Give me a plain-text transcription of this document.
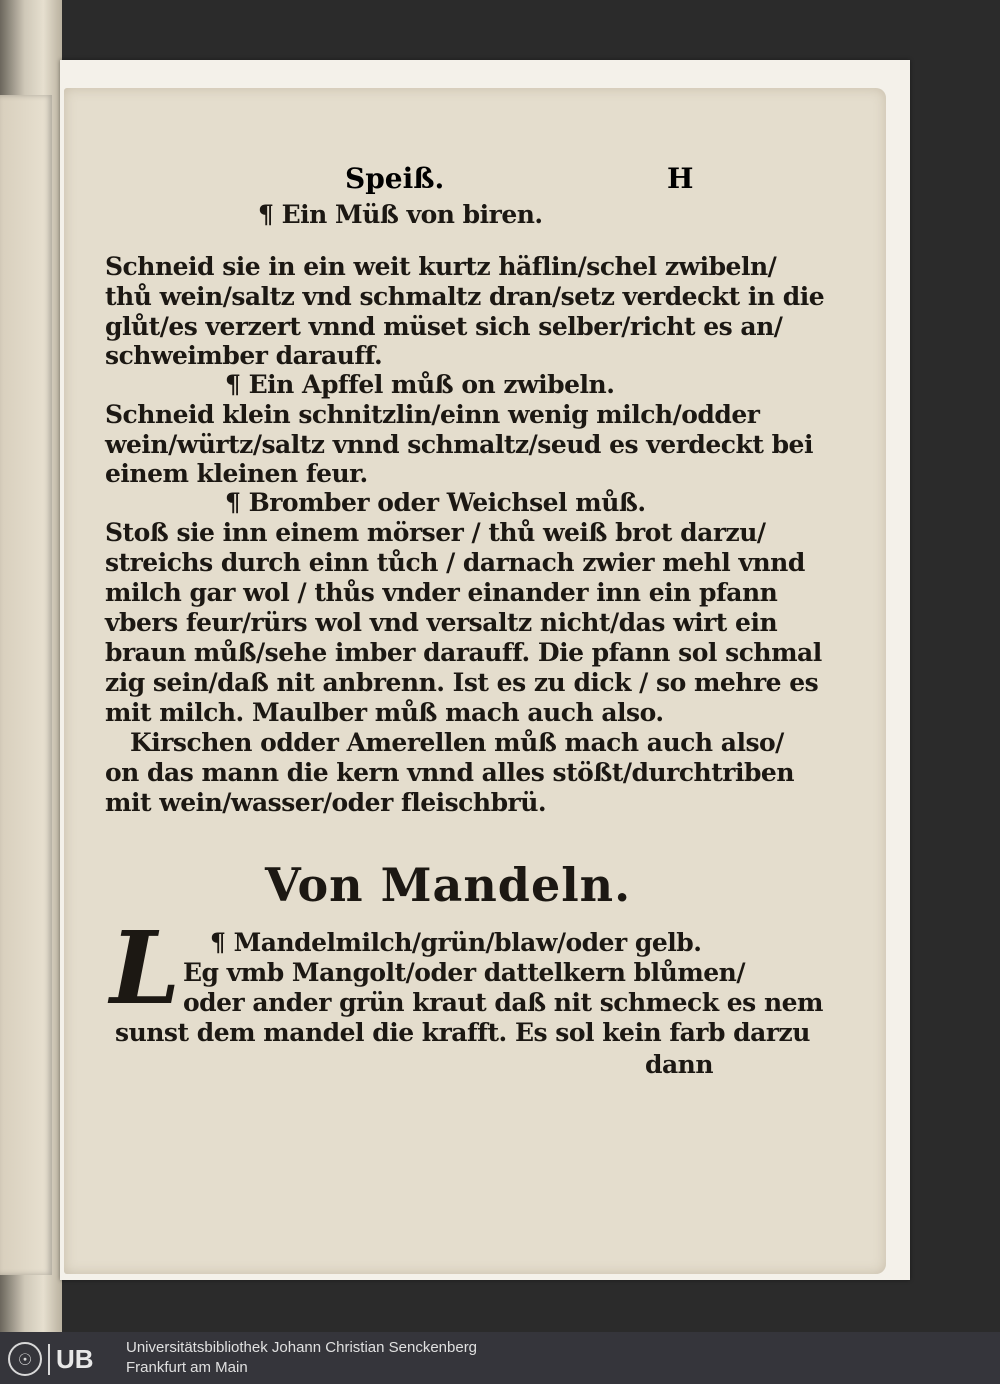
Speiß.	H
¶ Ein Müß von biren.
Schneid sie in ein weit kurtz häflin/schel zwibeln/
thů wein/saltz vnd schmaltz dran/setz verdeckt in die
glůt/es verzert vnnd müset sich selber/richt es an/
schweimber darauff.
¶ Ein Apffel můß on zwibeln.
Schneid klein schnitzlin/einn wenig milch/odder
wein/würtz/saltz vnnd schmaltz/seud es verdeckt bei
einem kleinen feur.
¶ Bromber oder Weichsel můß.
Stoß sie inn einem mörser / thů weiß brot darzu/
streichs durch einn tůch / darnach zwier mehl vnnd
milch gar wol / thůs vnder einander inn ein pfann
vbers feur/rürs wol vnd versaltz nicht/das wirt ein
braun můß/sehe imber darauff. Die pfann sol schmal
zig sein/daß nit anbrenn. Ist es zu dick / so mehre es
mit milch. Maulber můß mach auch also.
Kirschen odder Amerellen můß mach auch also/
on das mann die kern vnnd alles stößt/durchtriben
mit wein/wasser/oder fleischbrü.
Von Mandeln.
L ¶ Mandelmilch/grün/blaw/oder gelb.
Eg vmb Mangolt/oder dattelkern blůmen/
oder ander grün kraut daß nit schmeck es nem
sunst dem mandel die krafft. Es sol kein farb darzu
dann
☉ UB Universitätsbibliothek Johann Christian Senckenberg
Frankfurt am Main
